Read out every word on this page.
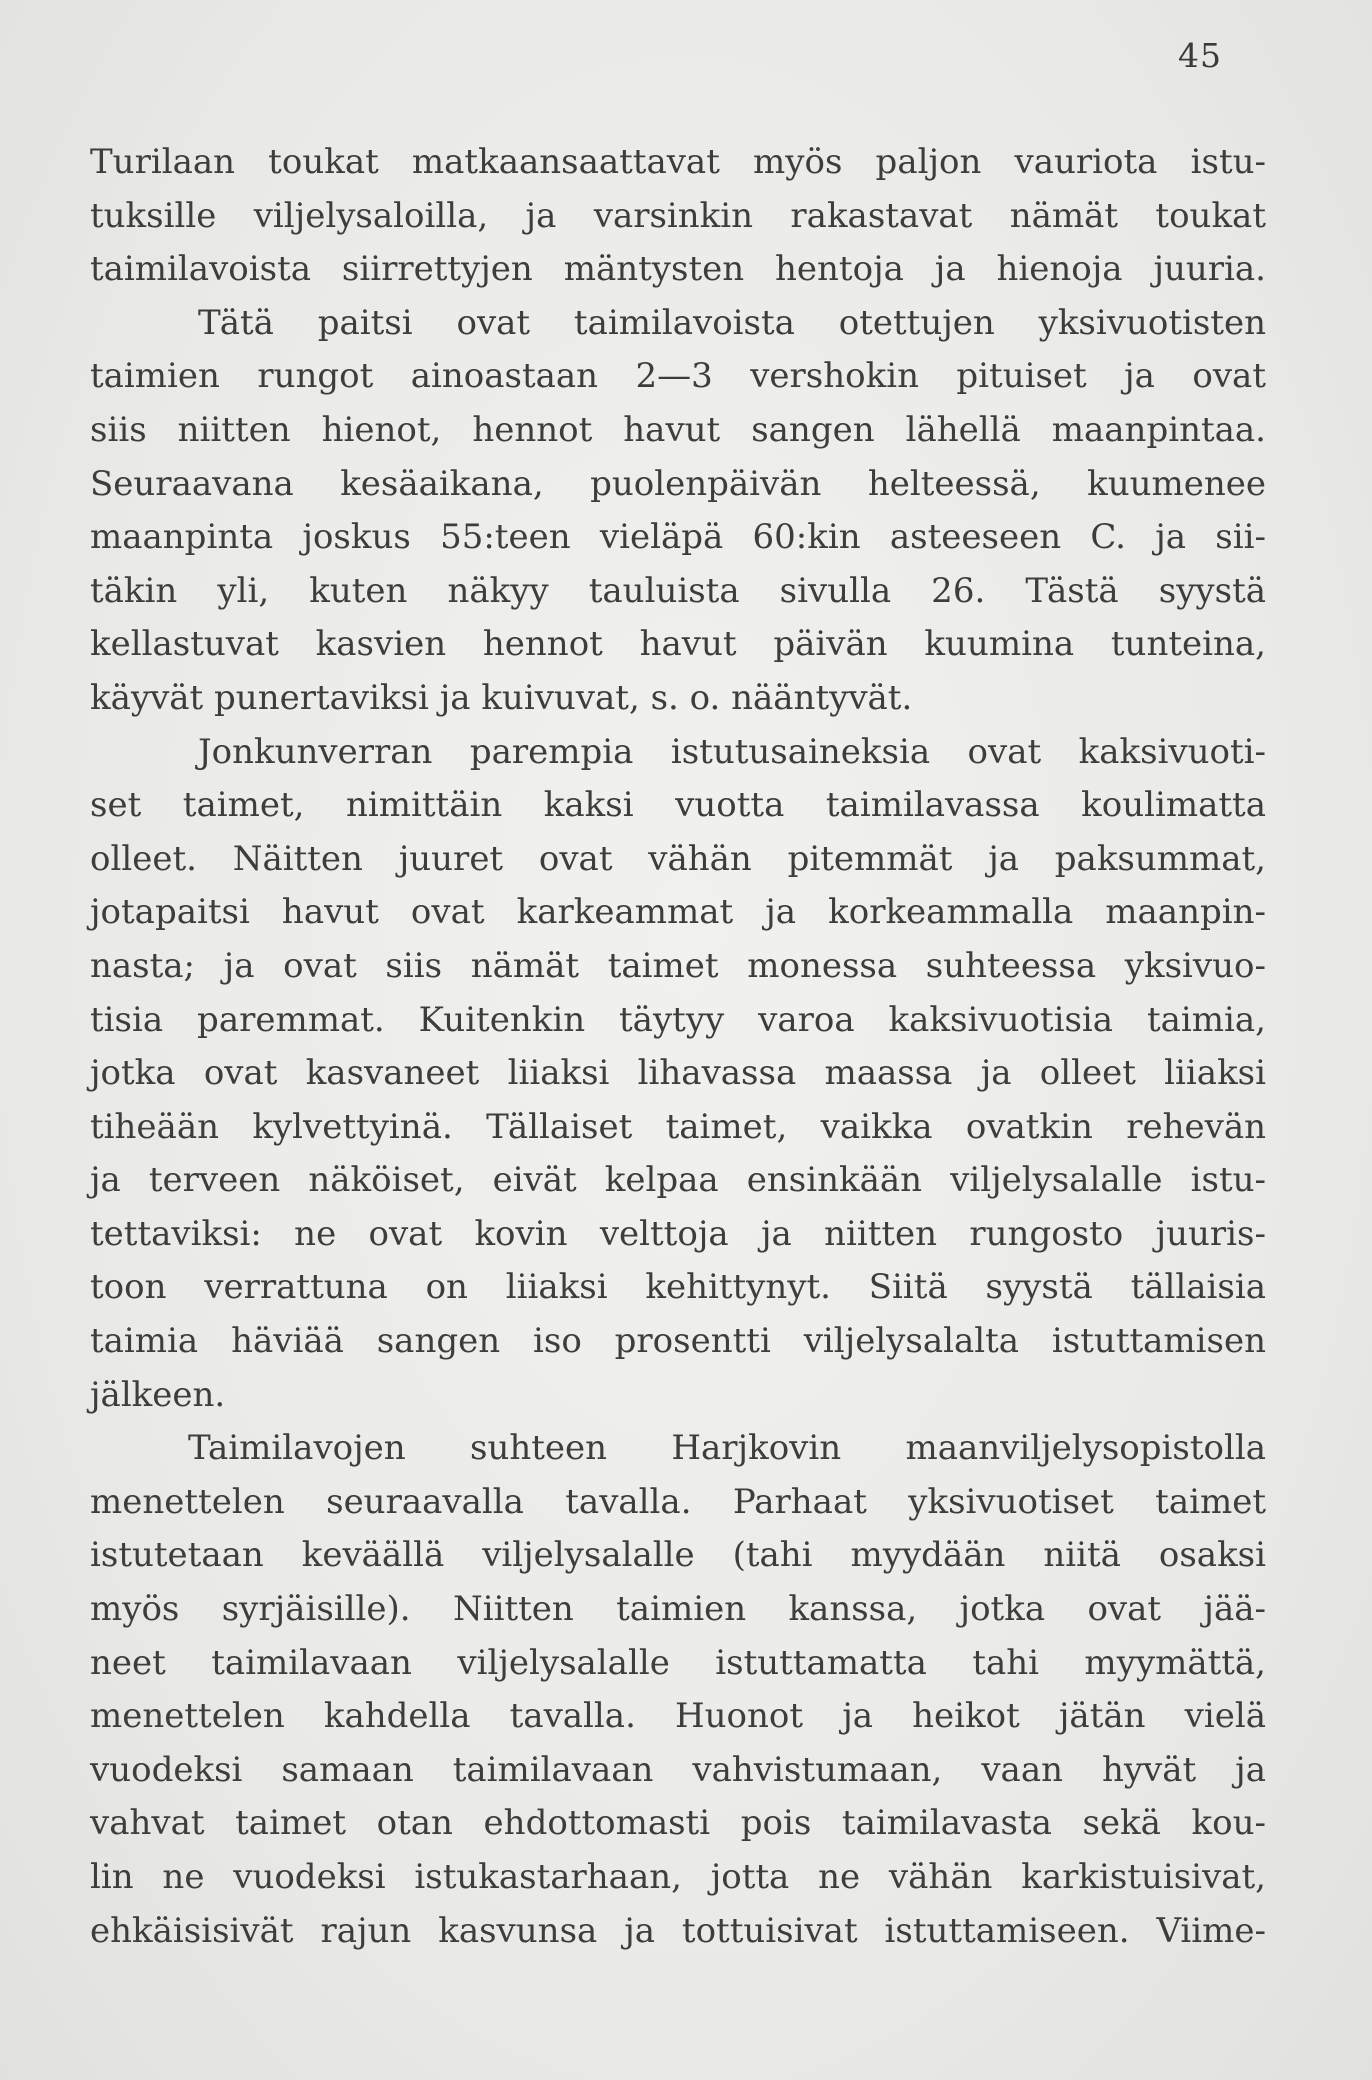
45
Turilaan toukat matkaansaattavat myös paljon vauriota istu-
tuksille viljelysaloilla, ja varsinkin rakastavat nämät toukat
taimilavoista siirrettyjen mäntysten hentoja ja hienoja juuria.
Tätä paitsi ovat taimilavoista otettujen yksivuotisten
taimien rungot ainoastaan 2—3 vershokin pituiset ja ovat
siis niitten hienot, hennot havut sangen lähellä maanpintaa.
Seuraavana kesäaikana, puolenpäivän helteessä, kuumenee
maanpinta joskus 55:teen vieläpä 60:kin asteeseen C. ja sii-
täkin yli, kuten näkyy tauluista sivulla 26. Tästä syystä
kellastuvat kasvien hennot havut päivän kuumina tunteina,
käyvät punertaviksi ja kuivuvat, s. o. nääntyvät.
Jonkunverran parempia istutusaineksia ovat kaksivuoti-
set taimet, nimittäin kaksi vuotta taimilavassa koulimatta
olleet. Näitten juuret ovat vähän pitemmät ja paksummat,
jotapaitsi havut ovat karkeammat ja korkeammalla maanpin-
nasta; ja ovat siis nämät taimet monessa suhteessa yksivuo-
tisia paremmat. Kuitenkin täytyy varoa kaksivuotisia taimia,
jotka ovat kasvaneet liiaksi lihavassa maassa ja olleet liiaksi
tiheään kylvettyinä. Tällaiset taimet, vaikka ovatkin rehevän
ja terveen näköiset, eivät kelpaa ensinkään viljelysalalle istu-
tettaviksi: ne ovat kovin velttoja ja niitten rungosto juuris-
toon verrattuna on liiaksi kehittynyt. Siitä syystä tällaisia
taimia häviää sangen iso prosentti viljelysalalta istuttamisen
jälkeen.
Taimilavojen suhteen Harjkovin maanviljelysopistolla
menettelen seuraavalla tavalla. Parhaat yksivuotiset taimet
istutetaan keväällä viljelysalalle (tahi myydään niitä osaksi
myös syrjäisille). Niitten taimien kanssa, jotka ovat jää-
neet taimilavaan viljelysalalle istuttamatta tahi myymättä,
menettelen kahdella tavalla. Huonot ja heikot jätän vielä
vuodeksi samaan taimilavaan vahvistumaan, vaan hyvät ja
vahvat taimet otan ehdottomasti pois taimilavasta sekä kou-
lin ne vuodeksi istukastarhaan, jotta ne vähän karkistuisivat,
ehkäisisivät rajun kasvunsa ja tottuisivat istuttamiseen. Viime-
